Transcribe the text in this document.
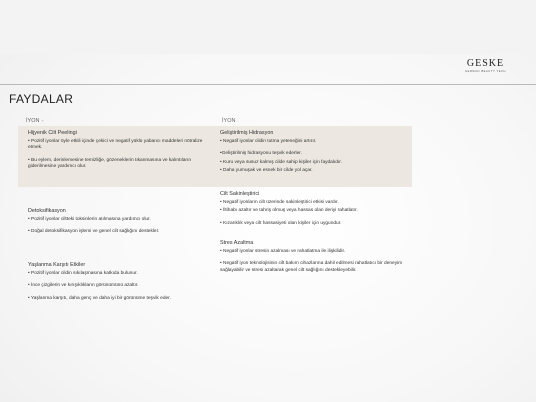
GESKE
GERMAN BEAUTY TECH
FAYDALAR
İYON +	İYON -
Hijyenik Cilt Peelingi
• Pozitif iyonlar öyle etkili içinde çekici ve negatif yüklü yabancı maddeleri nötralize etmek.
• Bu eylem, derinlemesine temizliğe, gözeneklerin tıkanmasına ve kalıntıların giderilmesine yardımcı olur.
Detoksifikasyon
• Pozitif iyonlar ciltteki toksinlerin atılmasına yardımcı olur.
• Doğal detoksifikasyon işlemi ve genel cilt sağlığını destekler.
Yaşlanma Karşıtı Etkiler
• Pozitif iyonlar cildin sıkılaşmasına katkıda bulunur.
• İnce çizgilerin ve kırışıklıkların görünümünü azaltır.
• Yaşlanma karşıtı, daha genç ve daha iyi bir görünüme teşvik eder.
Geliştirilmiş Hidrasyon
• Negatif iyonlar cildin tutma yeteneğini artırır.
•Geliştirilmiş hidrasyonu teşvik ederler.
• Kuru veya susuz kalmış cilde sahip kişiler için faydalıdır.
• Daha yumuşak ve esnek bir cilde yol açar.
Cilt Sakinleştirici
• Negatif iyonların cilt üzerinde sakinleştirici etkisi vardır.
• İltihabı azaltır ve tahriş olmuş veya hassas olan deriyi rahatlatır.
• Kızarıklık veya cilt hassasiyeti olan kişiler için uygundur.
Stres Azaltma
• Negatif iyonlar stresin azalması ve rahatlatma ile ilişkilidir.
• Negatif iyon teknolojisinin cilt bakım cihazlarına dahil edilmesi rahatlatıcı bir deneyim sağlayabilir ve stresi azaltarak genel cilt sağlığını destekleyebilir.
